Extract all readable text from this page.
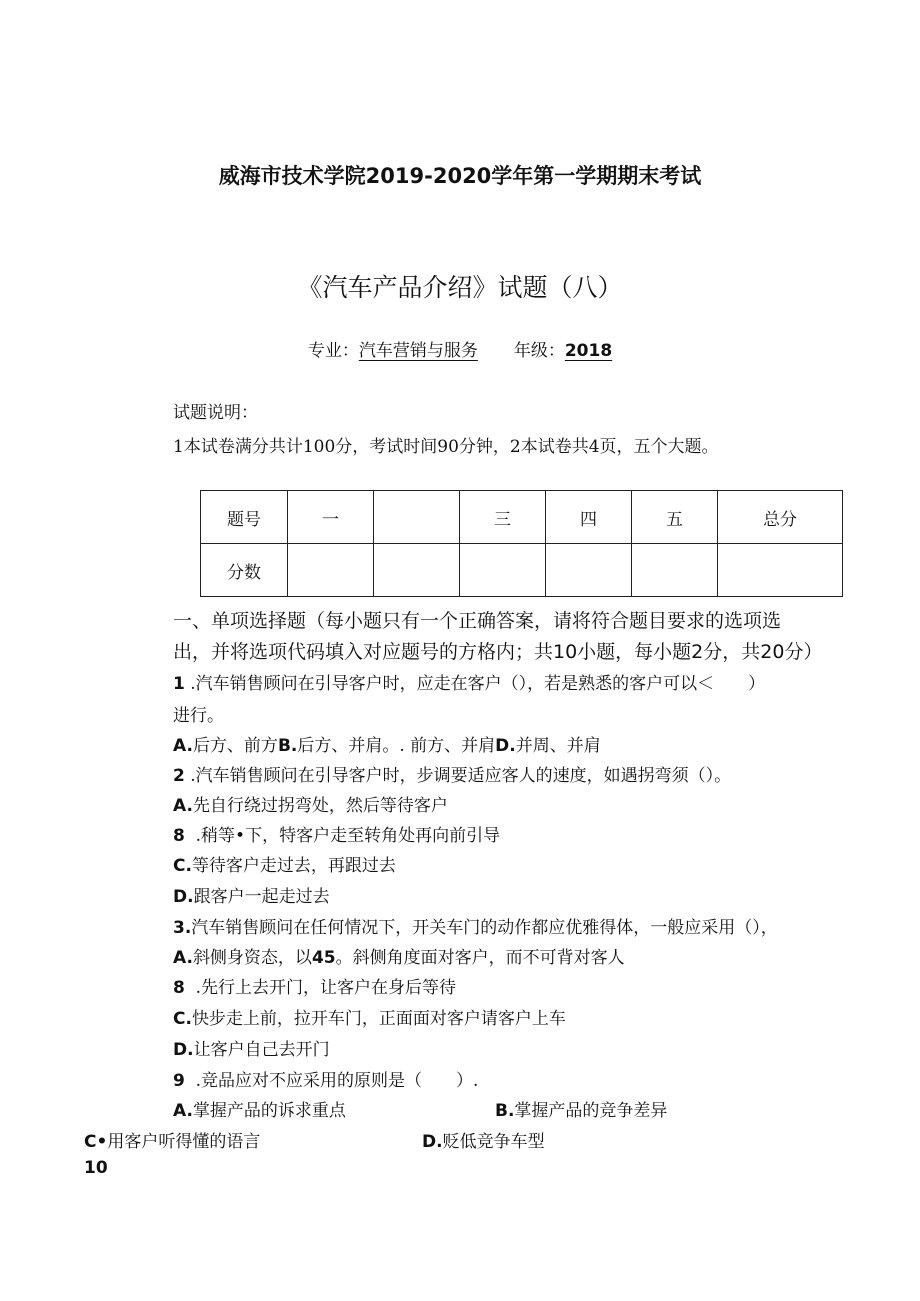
威海市技术学院2019-2020学年第一学期期末考试
《汽车产品介绍》试题（八）
专业：汽车营销与服务 年级：2018
试题说明：
1本试卷满分共计100分，考试时间90分钟，2本试卷共4页，五个大题。
题号	一		三	四	五	总分
分数						
一、单项选择题（每小题只有一个正确答案，请将符合题目要求的选项选
出，并将选项代码填入对应题号的方格内；共10小题，每小题2分，共20分）
1 .汽车销售顾问在引导客户时，应走在客户（），若是熟悉的客户可以＜　　）
进行。
A.后方、前方B.后方、并肩。. 前方、并肩D.并周、并肩
2 .汽车销售顾问在引导客户时，步调要适应客人的速度，如遇拐弯须（）。
A.先自行绕过拐弯处，然后等待客户
8 .稍等•下，特客户走至转角处再向前引导
C.等待客户走过去，再跟过去
D.跟客户一起走过去
3.汽车销售顾问在任何情况下，开关车门的动作都应优雅得体，一般应采用（），
A.斜侧身资态，以45。斜侧角度面对客户，而不可背对客人
8 .先行上去开门，让客户在身后等待
C.快步走上前，拉开车门，正面面对客户请客户上车
D.让客户自己去开门
9 .竞品应对不应采用的原则是（　　）.
A.掌握产品的诉求重点	B.掌握产品的竞争差异
C•用客户听得懂的语言	D.贬低竞争车型
10
